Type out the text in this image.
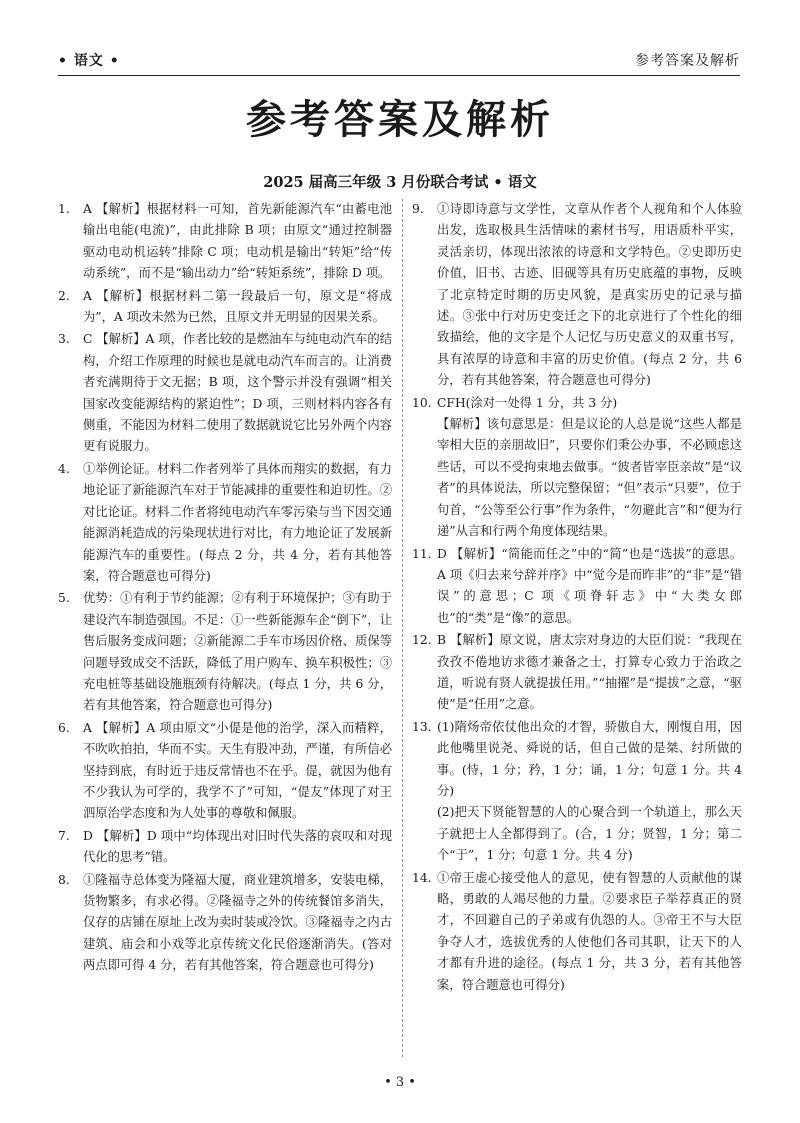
• 语文 •	参考答案及解析
参考答案及解析
2025 届高三年级 3 月份联合考试 • 语文
1. A 【解析】根据材料一可知，首先新能源汽车“由蓄电池输出电能(电流)”，由此排除 B 项；由原文“通过控制器驱动电动机运转”排除 C 项；电动机是输出“转矩”给“传动系统”，而不是“输出动力”给“转矩系统”，排除 D 项。

2. A 【解析】根据材料二第一段最后一句，原文是“将成为”，A 项改未然为已然，且原文并无明显的因果关系。

3. C 【解析】A 项，作者比较的是燃油车与纯电动汽车的结构，介绍工作原理的时候也是就电动汽车而言的。让消费者充满期待于文无据；B 项，这个警示并没有强调“相关国家改变能源结构的紧迫性”；D 项，三则材料内容各有侧重，不能因为材料二使用了数据就说它比另外两个内容更有说服力。

4. ①举例论证。材料二作者列举了具体而翔实的数据，有力地论证了新能源汽车对于节能减排的重要性和迫切性。②对比论证。材料二作者将纯电动汽车零污染与当下因交通能源消耗造成的污染现状进行对比，有力地论证了发展新能源汽车的重要性。(每点 2 分，共 4 分，若有其他答案，符合题意也可得分)

5. 优势：①有利于节约能源；②有利于环境保护；③有助于建设汽车制造强国。不足：①一些新能源车企“倒下”，让售后服务变成问题；②新能源二手车市场因价格、质保等问题导致成交不活跃，降低了用户购车、换车积极性；③充电桩等基础设施瓶颈有待解决。(每点 1 分，共 6 分，若有其他答案，符合题意也可得分)

6. A 【解析】A 项由原文“小偍是他的治学，深入而精粹，不吹吹拍拍，华而不实。天生有股冲劲，严谨，有所信必坚持到底，有时近于违反常情也不在乎。偍，就因为他有不少我认为可学的，我学不了”可知，“偍友”体现了对王泗原治学态度和为人处事的尊敬和佩服。

7. D 【解析】D 项中“均体现出对旧时代失落的哀叹和对现代化的思考”错。

8. ①隆福寺总体变为隆福大厦，商业建筑增多，安装电梯，货物繁多，有求必得。②隆福寺之外的传统餐馆多消失，仅存的店铺在原址上改为卖时装或冷饮。③隆福寺之内古建筑、庙会和小戏等北京传统文化民俗逐渐消失。(答对两点即可得 4 分，若有其他答案，符合题意也可得分)

9. ①诗即诗意与文学性，文章从作者个人视角和个人体验出发，选取极具生活情味的素材书写，用语质朴平实，灵活亲切，体现出浓浓的诗意和文学特色。②史即历史价值，旧书、古迹、旧砚等具有历史底蕴的事物，反映了北京特定时期的历史风貌，是真实历史的记录与描述。③张中行对历史变迁之下的北京进行了个性化的细致描绘，他的文字是个人记忆与历史意义的双重书写，具有浓厚的诗意和丰富的历史价值。(每点 2 分，共 6 分，若有其他答案，符合题意也可得分)

10. CFH(涂对一处得 1 分，共 3 分)

【解析】该句意思是：但是议论的人总是说“这些人都是宰相大臣的亲朋故旧”，只要你们秉公办事，不必顾虑这些话，可以不受拘束地去做事。“彼者皆宰臣亲故”是“议者”的具体说法，所以完整保留；“但”表示“只要”，位于句首，“公等至公行事”作为条件，“勿避此言”和“便为行递”从言和行两个角度体现结果。

11. D 【解析】“简能而任之”中的“简”也是“选拔”的意思。A 项《归去来兮辞并序》中“觉今是而昨非”的“非”是“错误”的意思；C 项《项脊轩志》中“大类女郎也”的“类”是“像”的意思。

12. B 【解析】原文说，唐太宗对身边的大臣们说：“我现在孜孜不倦地访求德才兼备之士，打算专心致力于治政之道，听说有贤人就提拔任用。”“抽擢”是“提拔”之意，“驱使”是“任用”之意。

13. (1)隋炀帝依仗他出众的才智，骄傲自大，刚愎自用，因此他嘴里说尧、舜说的话，但自己做的是桀、纣所做的事。(恃，1 分；矜，1 分；诵，1 分；句意 1 分。共 4 分)

(2)把天下贤能智慧的人的心聚合到一个轨道上，那么天子就把士人全都得到了。(合，1 分；贤智，1 分；第二个“于”，1 分；句意 1 分。共 4 分)

14. ①帝王虚心接受他人的意见，使有智慧的人贡献他的谋略，勇敢的人竭尽他的力量。②要求臣子举荐真正的贤才，不回避自己的子弟或有仇怨的人。③帝王不与大臣争夺人才，选拔优秀的人使他们各司其职，让天下的人才都有升进的途径。(每点 1 分，共 3 分，若有其他答案，符合题意也可得分)

• 3 •
